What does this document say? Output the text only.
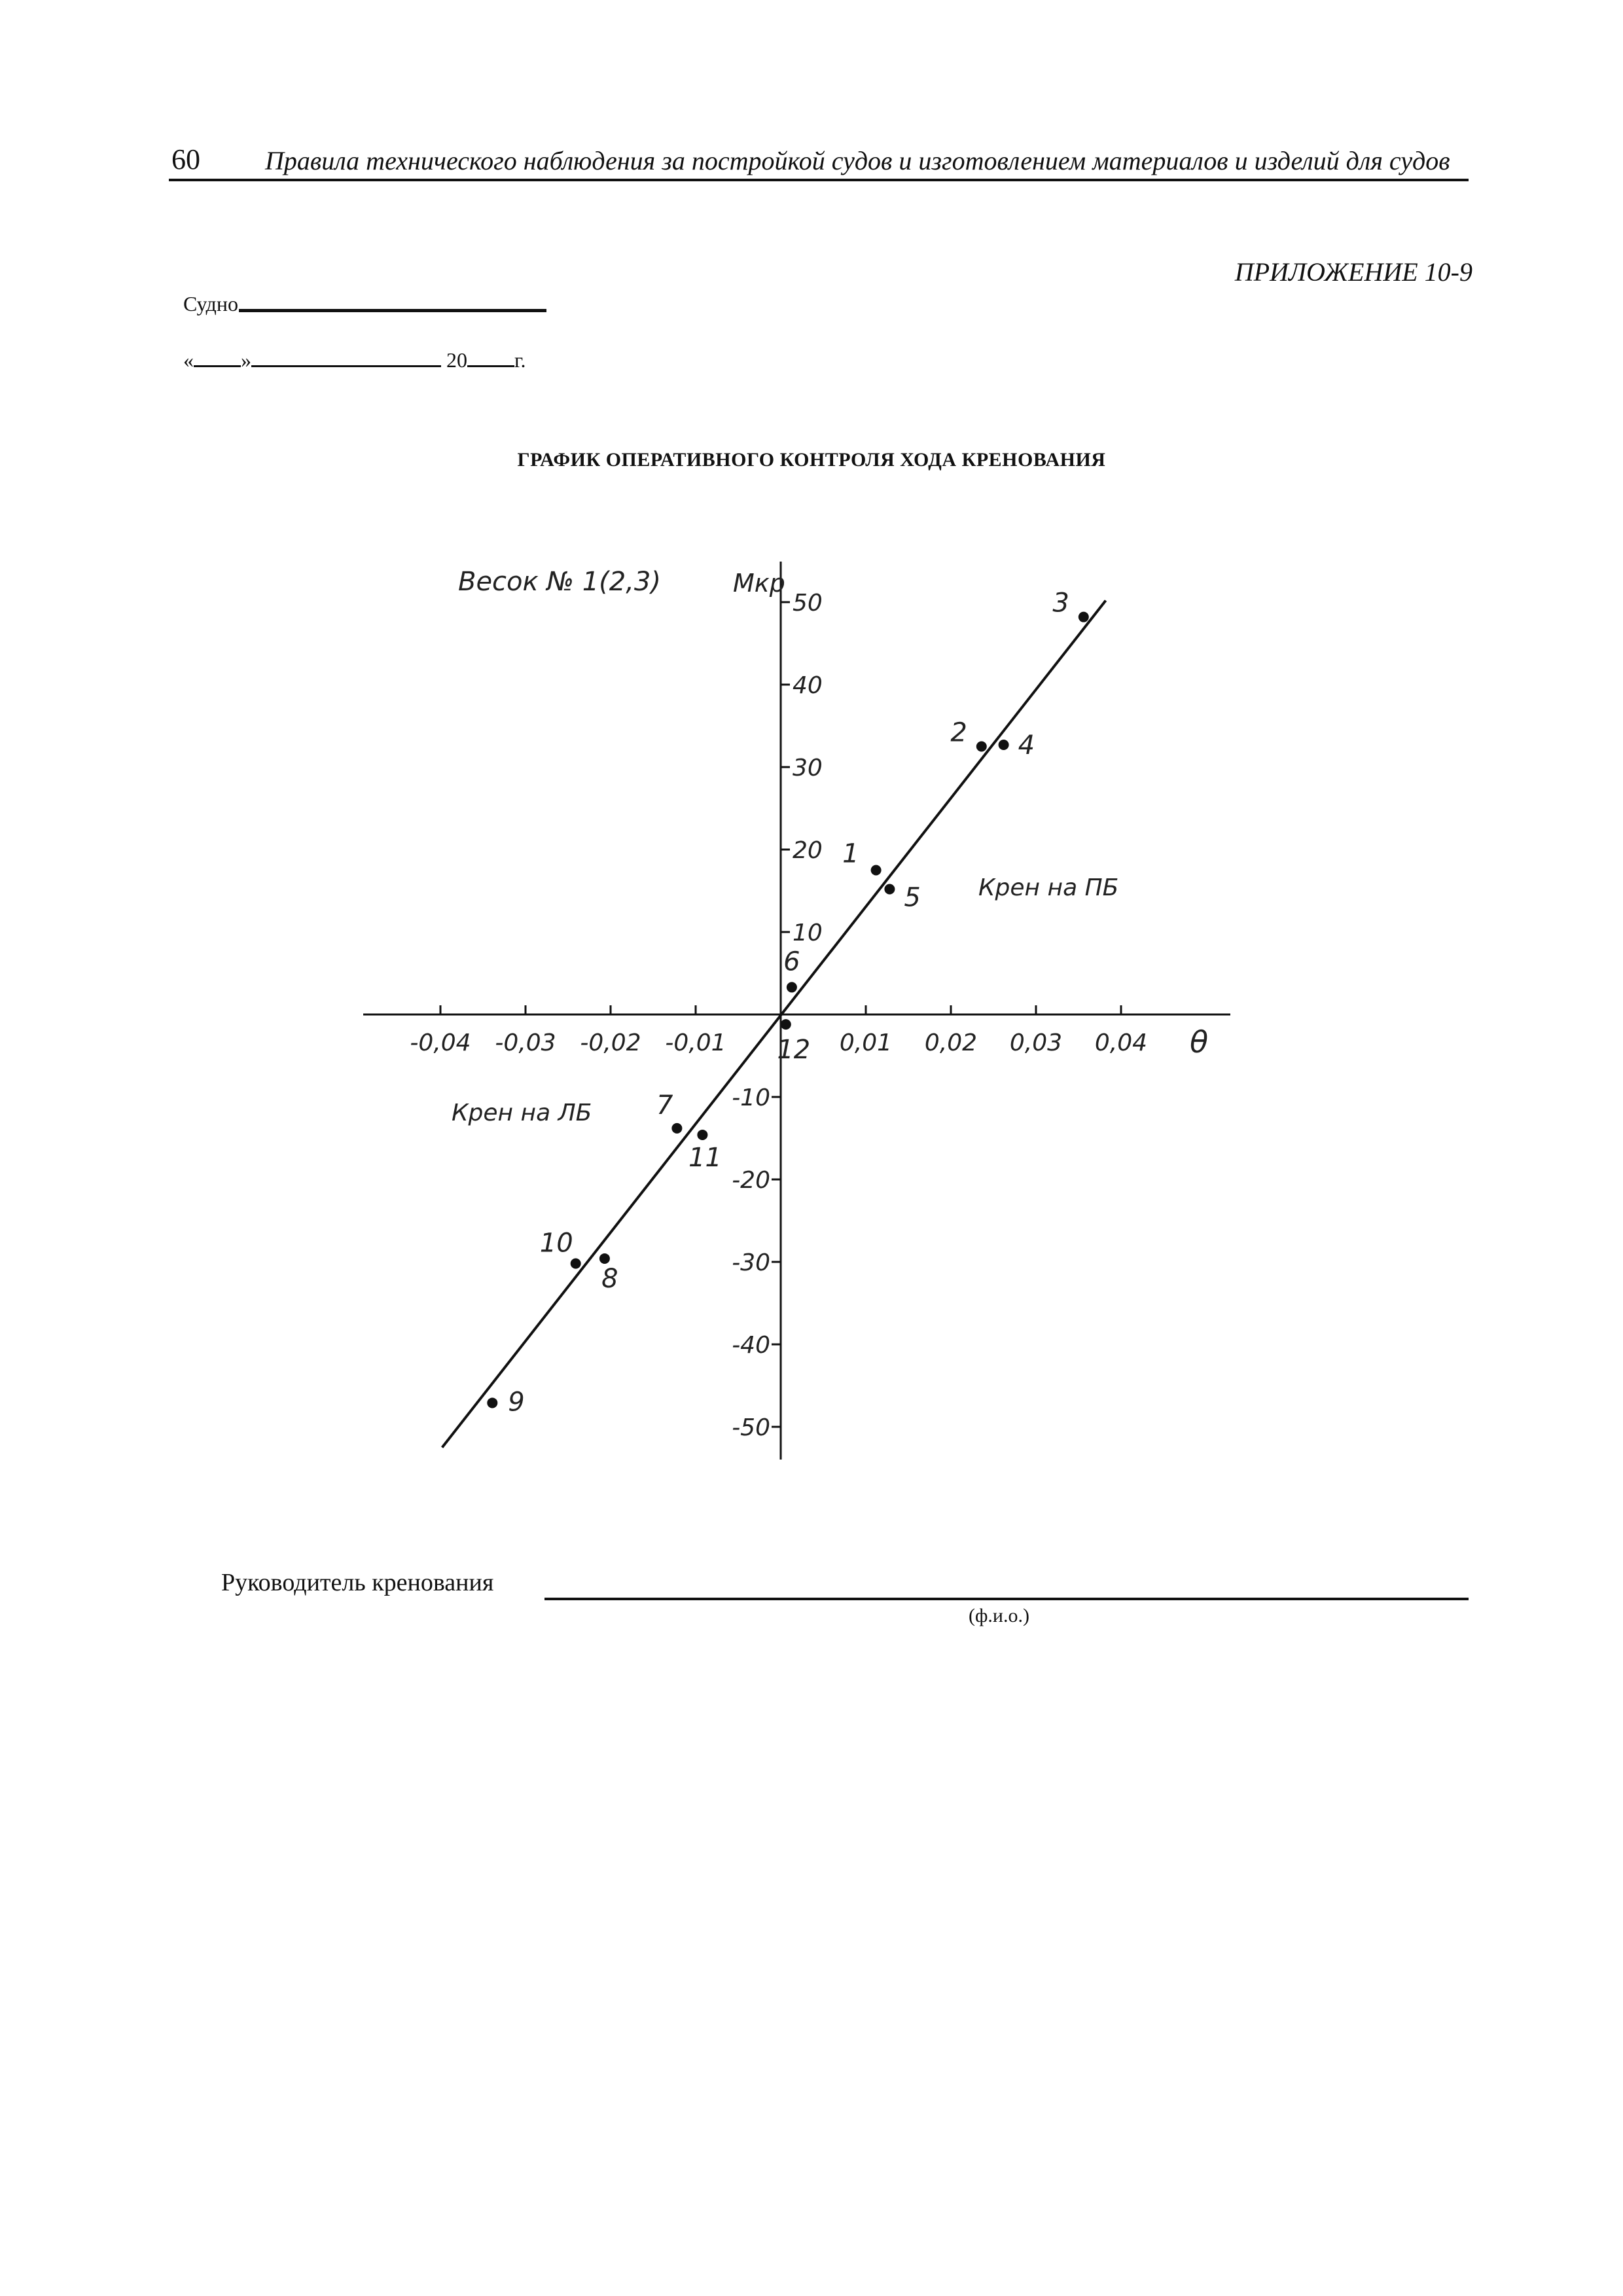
60 Правила технического наблюдения за постройкой судов и изготовлением материалов и изделий для судов
ПРИЛОЖЕНИЕ 10-9
Судно
« »	20 г.
ГРАФИК ОПЕРАТИВНОГО КОНТРОЛЯ ХОДА КРЕНОВАНИЯ
-0,04 -0,03 -0,02 -0,01	0,01 0,02 0,03 0,04
50
40
30
20
10
-10
-20
-30
-40
-50
1
2
3
4
5
6
7
8
9
10
11
12
Весок № 1(2,3)	Mкр
θ
Крен на ПБ
Крен на ЛБ
Руководитель кренования
(ф.и.о.)
